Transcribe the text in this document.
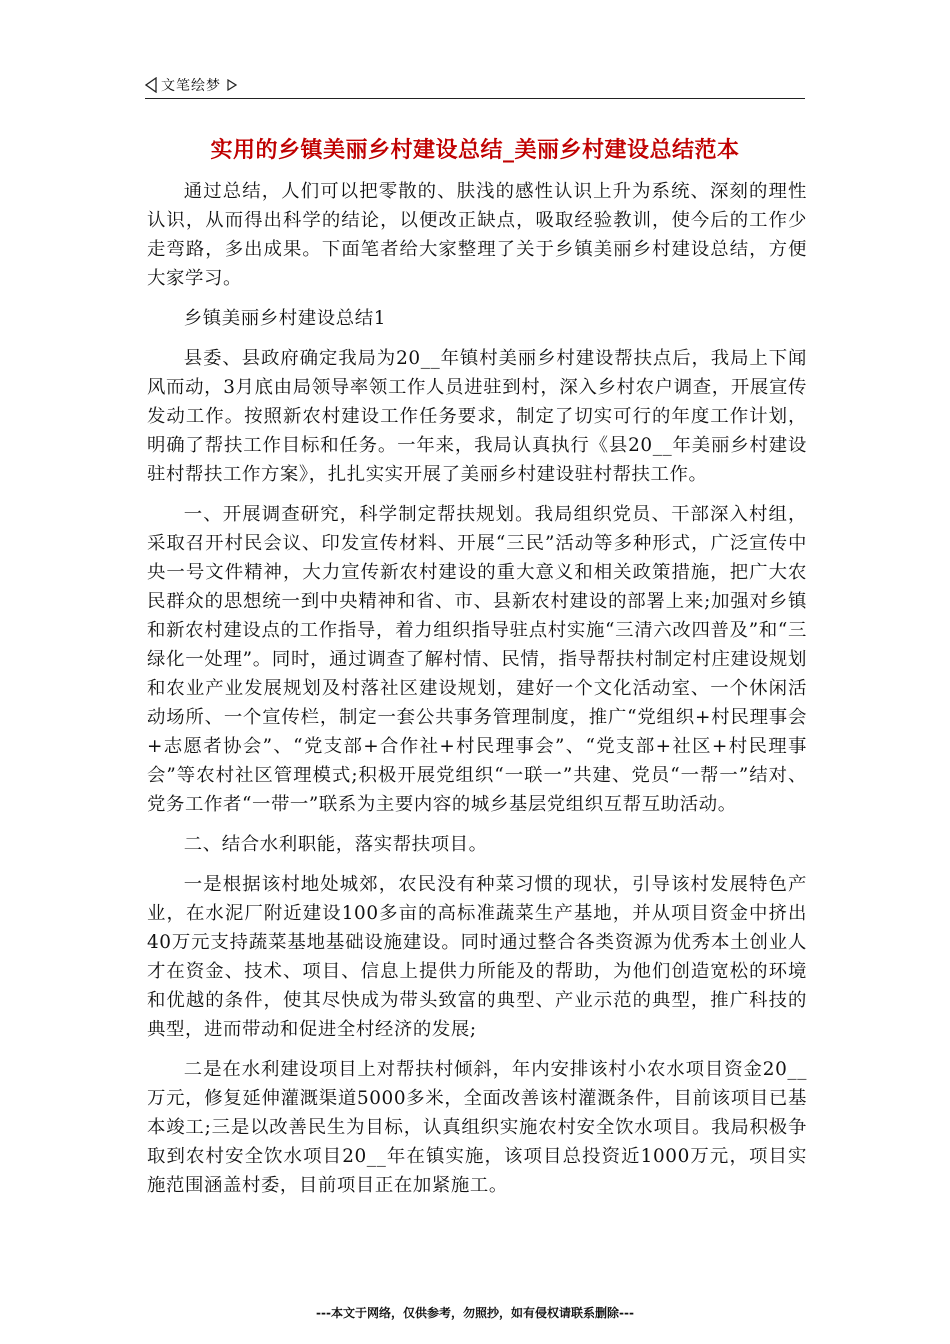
文笔绘梦
实用的乡镇美丽乡村建设总结_美丽乡村建设总结范本

通过总结，人们可以把零散的、肤浅的感性认识上升为系统、深刻的理性认识，从而得出科学的结论，以便改正缺点，吸取经验教训，使今后的工作少走弯路，多出成果。下面笔者给大家整理了关于乡镇美丽乡村建设总结，方便大家学习。

乡镇美丽乡村建设总结1

县委、县政府确定我局为20__年镇村美丽乡村建设帮扶点后，我局上下闻风而动，3月底由局领导率领工作人员进驻到村，深入乡村农户调查，开展宣传发动工作。按照新农村建设工作任务要求，制定了切实可行的年度工作计划，明确了帮扶工作目标和任务。一年来，我局认真执行《县20__年美丽乡村建设驻村帮扶工作方案》，扎扎实实开展了美丽乡村建设驻村帮扶工作。

一、开展调查研究，科学制定帮扶规划。我局组织党员、干部深入村组，采取召开村民会议、印发宣传材料、开展“三民”活动等多种形式，广泛宣传中央一号文件精神，大力宣传新农村建设的重大意义和相关政策措施，把广大农民群众的思想统一到中央精神和省、市、县新农村建设的部署上来;加强对乡镇和新农村建设点的工作指导，着力组织指导驻点村实施“三清六改四普及”和“三绿化一处理”。同时，通过调查了解村情、民情，指导帮扶村制定村庄建设规划和农业产业发展规划及村落社区建设规划，建好一个文化活动室、一个休闲活动场所、一个宣传栏，制定一套公共事务管理制度，推广“党组织+村民理事会+志愿者协会”、“党支部+合作社+村民理事会”、“党支部+社区+村民理事会”等农村社区管理模式;积极开展党组织“一联一”共建、党员“一帮一”结对、党务工作者“一带一”联系为主要内容的城乡基层党组织互帮互助活动。

二、结合水利职能，落实帮扶项目。

一是根据该村地处城郊，农民没有种菜习惯的现状，引导该村发展特色产业，在水泥厂附近建设100多亩的高标准蔬菜生产基地，并从项目资金中挤出40万元支持蔬菜基地基础设施建设。同时通过整合各类资源为优秀本土创业人才在资金、技术、项目、信息上提供力所能及的帮助，为他们创造宽松的环境和优越的条件，使其尽快成为带头致富的典型、产业示范的典型，推广科技的典型，进而带动和促进全村经济的发展;

二是在水利建设项目上对帮扶村倾斜，年内安排该村小农水项目资金20__万元，修复延伸灌溉渠道5000多米，全面改善该村灌溉条件，目前该项目已基本竣工;三是以改善民生为目标，认真组织实施农村安全饮水项目。我局积极争取到农村安全饮水项目20__年在镇实施，该项目总投资近1000万元，项目实施范围涵盖村委，目前项目正在加紧施工。

---本文于网络，仅供参考，勿照抄，如有侵权请联系删除---
